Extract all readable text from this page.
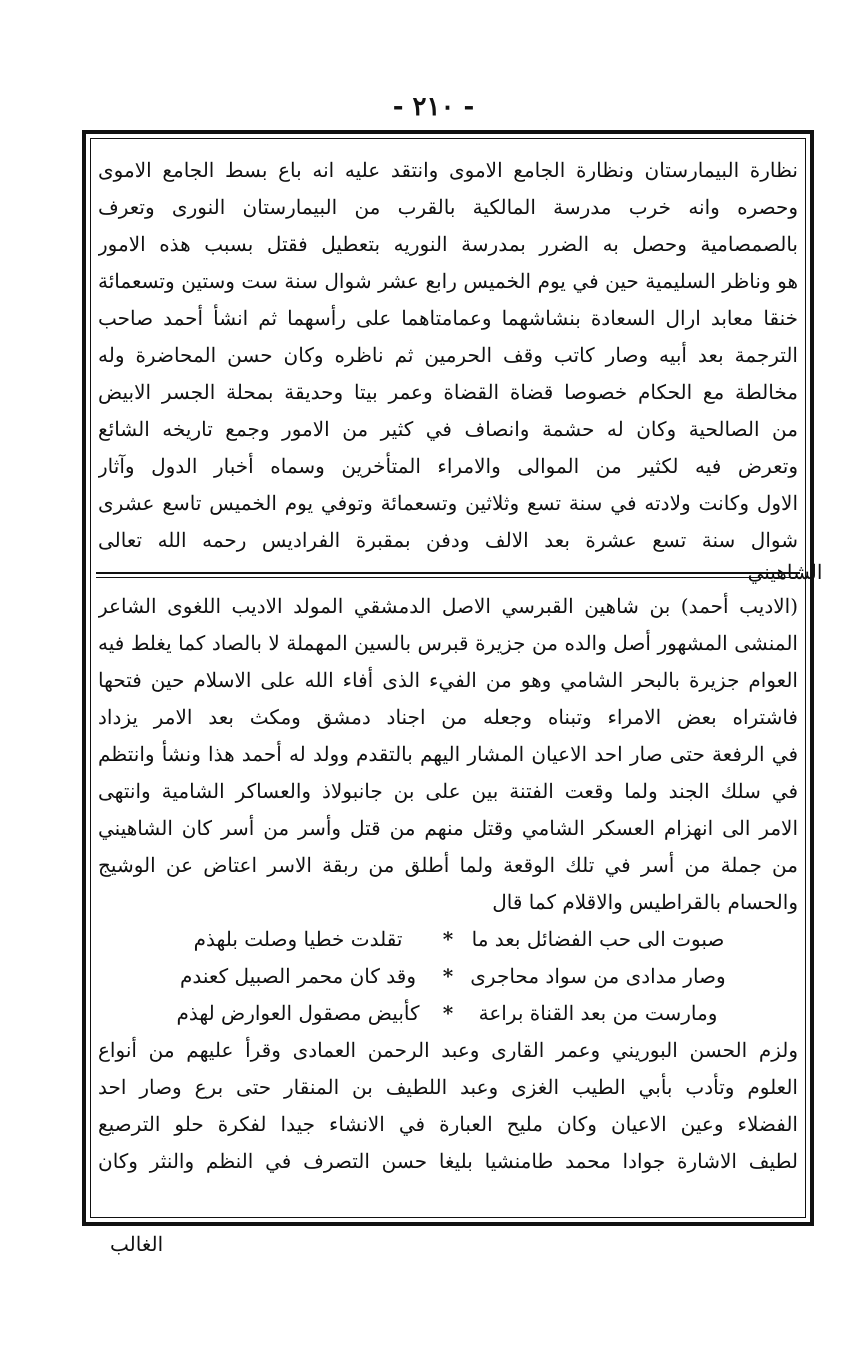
- ٢١٠ -
نظارة البيمارستان ونظارة الجامع الاموى وانتقد عليه انه باع بسط الجامع الاموى
وحصره وانه خرب مدرسة المالكية بالقرب من البيمارستان النورى وتعرف
بالصمصامية وحصل به الضرر بمدرسة النوريه بتعطيل فقتل بسبب هذه الامور
هو وناظر السليمية حين في يوم الخميس رابع عشر شوال سنة ست وستين وتسعمائة
خنقا معابد ارال السعادة بنشاشهما وعمامتاهما على رأسهما ثم انشأ أحمد صاحب
الترجمة بعد أبيه وصار كاتب وقف الحرمين ثم ناظره وكان حسن المحاضرة وله
مخالطة مع الحكام خصوصا قضاة القضاة وعمر بيتا وحديقة بمحلة الجسر الابيض
من الصالحية وكان له حشمة وانصاف في كثير من الامور وجمع تاريخه الشائع
وتعرض فيه لكثير من الموالى والامراء المتأخرين وسماه أخبار الدول وآثار
الاول وكانت ولادته في سنة تسع وثلاثين وتسعمائة وتوفي يوم الخميس تاسع عشرى
شوال سنة تسع عشرة بعد الالف ودفن بمقبرة الفراديس رحمه الله تعالى
الشاهيني
(الاديب أحمد) بن شاهين القبرسي الاصل الدمشقي المولد الاديب اللغوى الشاعر
المنشى المشهور أصل والده من جزيرة قبرس بالسين المهملة لا بالصاد كما يغلط فيه
العوام جزيرة بالبحر الشامي وهو من الفيء الذى أفاء الله على الاسلام حين فتحها
فاشتراه بعض الامراء وتبناه وجعله من اجناد دمشق ومكث بعد الامر يزداد
في الرفعة حتى صار احد الاعيان المشار اليهم بالتقدم وولد له أحمد هذا ونشأ وانتظم
في سلك الجند ولما وقعت الفتنة بين على بن جانبولاذ والعساكر الشامية وانتهى
الامر الى انهزام العسكر الشامي وقتل منهم من قتل وأسر من أسر كان الشاهيني
من جملة من أسر في تلك الوقعة ولما أطلق من ربقة الاسر اعتاض عن الوشيج
والحسام بالقراطيس والاقلام كما قال
صبوت الى حب الفضائل بعد ما
*
تقلدت خطيا وصلت بلهذم
وصار مدادى من سواد محاجرى
*
وقد كان محمر الصبيل كعندم
ومارست من بعد القناة براعة
*
كأبيض مصقول العوارض لهذم
ولزم الحسن البوريني وعمر القارى وعبد الرحمن العمادى وقرأ عليهم من أنواع
العلوم وتأدب بأبي الطيب الغزى وعبد اللطيف بن المنقار حتى برع وصار احد
الفضلاء وعين الاعيان وكان مليح العبارة في الانشاء جيدا لفكرة حلو الترصيع
لطيف الاشارة جوادا محمد طامنشيا بليغا حسن التصرف في النظم والنثر وكان
الغالب
